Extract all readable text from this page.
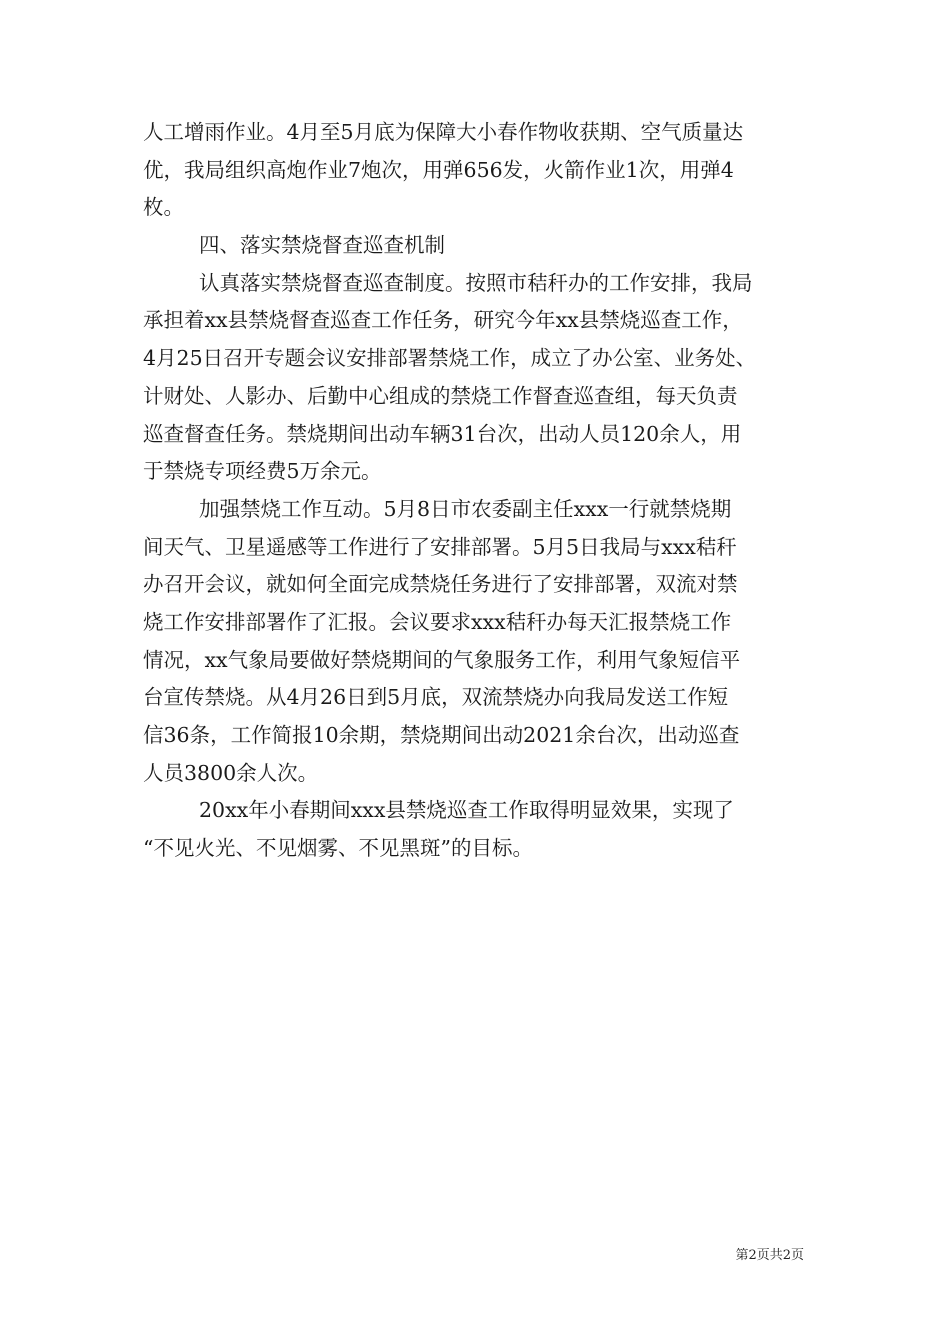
人工增雨作业。4月至5月底为保障大小春作物收获期、空气质量达
优，我局组织高炮作业7炮次，用弹656发，火箭作业1次，用弹4
枚。
四、落实禁烧督查巡查机制
认真落实禁烧督查巡查制度。按照市秸秆办的工作安排，我局
承担着xx县禁烧督查巡查工作任务，研究今年xx县禁烧巡查工作，
4月25日召开专题会议安排部署禁烧工作，成立了办公室、业务处、
计财处、人影办、后勤中心组成的禁烧工作督查巡查组，每天负责
巡查督查任务。禁烧期间出动车辆31台次，出动人员120余人，用
于禁烧专项经费5万余元。
加强禁烧工作互动。5月8日市农委副主任xxx一行就禁烧期
间天气、卫星遥感等工作进行了安排部署。5月5日我局与xxx秸秆
办召开会议，就如何全面完成禁烧任务进行了安排部署，双流对禁
烧工作安排部署作了汇报。会议要求xxx秸秆办每天汇报禁烧工作
情况，xx气象局要做好禁烧期间的气象服务工作，利用气象短信平
台宣传禁烧。从4月26日到5月底，双流禁烧办向我局发送工作短
信36条，工作简报10余期，禁烧期间出动2021余台次，出动巡查
人员3800余人次。
20xx年小春期间xxx县禁烧巡查工作取得明显效果，实现了
“不见火光、不见烟雾、不见黑斑”的目标。
第2页共2页
